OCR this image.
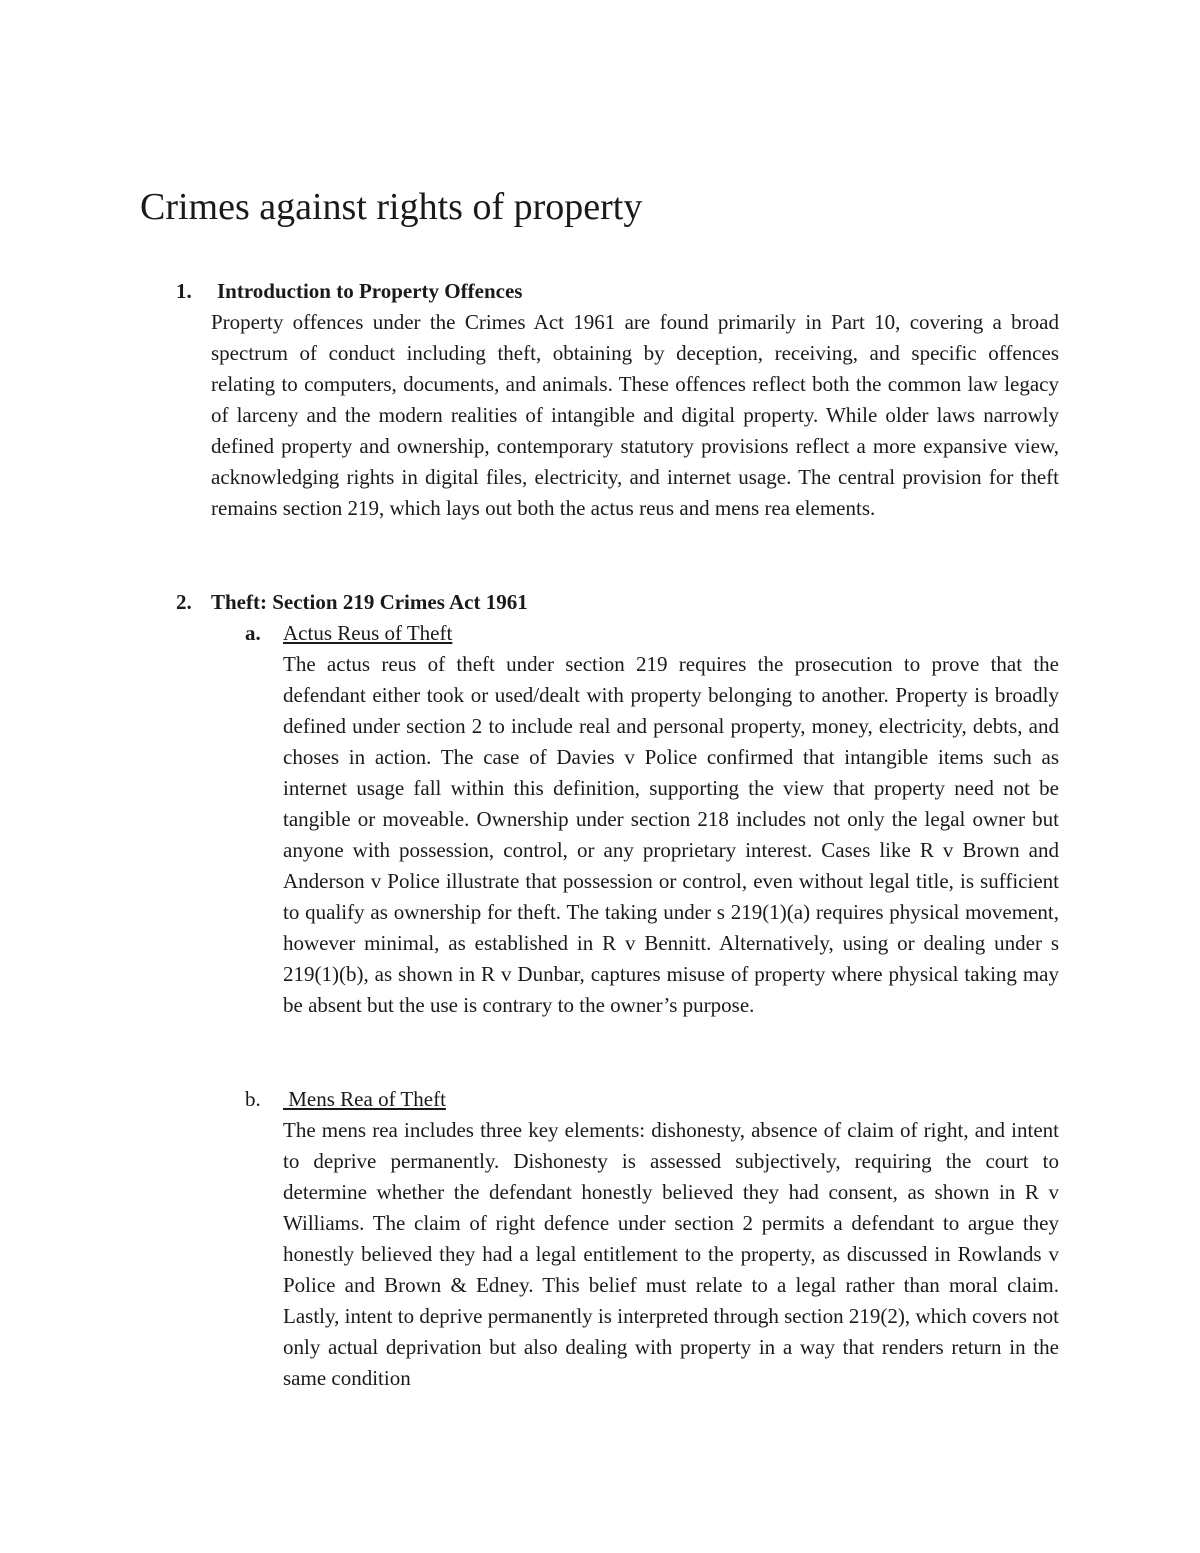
Crimes against rights of property
1. Introduction to Property Offences

Property offences under the Crimes Act 1961 are found primarily in Part 10, covering a broad spectrum of conduct including theft, obtaining by deception, receiving, and specific offences relating to computers, documents, and animals. These offences reflect both the common law legacy of larceny and the modern realities of intangible and digital property. While older laws narrowly defined property and ownership, contemporary statutory provisions reflect a more expansive view, acknowledging rights in digital files, electricity, and internet usage. The central provision for theft remains section 219, which lays out both the actus reus and mens rea elements.

2. Theft: Section 219 Crimes Act 1961
a. Actus Reus of Theft

The actus reus of theft under section 219 requires the prosecution to prove that the defendant either took or used/dealt with property belonging to another. Property is broadly defined under section 2 to include real and personal property, money, electricity, debts, and choses in action. The case of Davies v Police confirmed that intangible items such as internet usage fall within this definition, supporting the view that property need not be tangible or moveable. Ownership under section 218 includes not only the legal owner but anyone with possession, control, or any proprietary interest. Cases like R v Brown and Anderson v Police illustrate that possession or control, even without legal title, is sufficient to qualify as ownership for theft. The taking under s 219(1)(a) requires physical movement, however minimal, as established in R v Bennitt. Alternatively, using or dealing under s 219(1)(b), as shown in R v Dunbar, captures misuse of property where physical taking may be absent but the use is contrary to the owner’s purpose.

b. Mens Rea of Theft

The mens rea includes three key elements: dishonesty, absence of claim of right, and intent to deprive permanently. Dishonesty is assessed subjectively, requiring the court to determine whether the defendant honestly believed they had consent, as shown in R v Williams. The claim of right defence under section 2 permits a defendant to argue they honestly believed they had a legal entitlement to the property, as discussed in Rowlands v Police and Brown & Edney. This belief must relate to a legal rather than moral claim. Lastly, intent to deprive permanently is interpreted through section 219(2), which covers not only actual deprivation but also dealing with property in a way that renders return in the same condition
